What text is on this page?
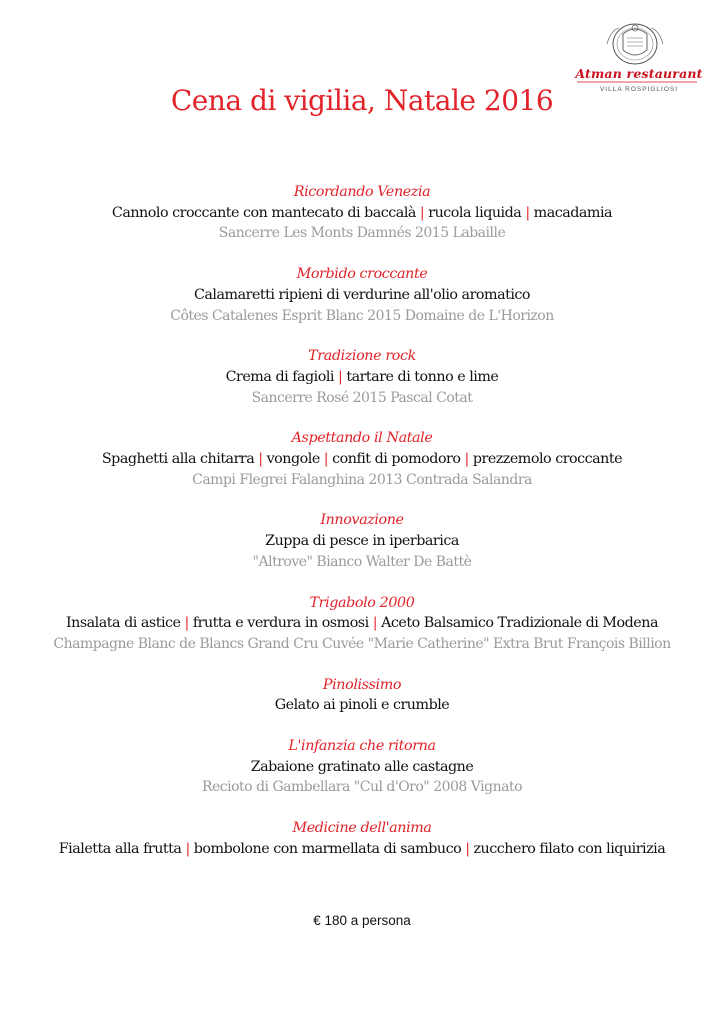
Atman restaurant
VILLA ROSPIGLIOSI
Cena di vigilia, Natale 2016
Ricordando Venezia
Cannolo croccante con mantecato di baccalà | rucola liquida | macadamia
Sancerre Les Monts Damnés 2015 Labaille
Morbido croccante
Calamaretti ripieni di verdurine all'olio aromatico
Côtes Catalenes Esprit Blanc 2015 Domaine de L'Horizon
Tradizione rock
Crema di fagioli | tartare di tonno e lime
Sancerre Rosé 2015 Pascal Cotat
Aspettando il Natale
Spaghetti alla chitarra | vongole | confit di pomodoro | prezzemolo croccante
Campi Flegrei Falanghina 2013 Contrada Salandra
Innovazione
Zuppa di pesce in iperbarica
"Altrove" Bianco Walter De Battè
Trigabolo 2000
Insalata di astice | frutta e verdura in osmosi | Aceto Balsamico Tradizionale di Modena
Champagne Blanc de Blancs Grand Cru Cuvée "Marie Catherine" Extra Brut François Billion
Pinolissimo
Gelato ai pinoli e crumble
L'infanzia che ritorna
Zabaione gratinato alle castagne
Recioto di Gambellara "Cul d'Oro" 2008 Vignato
Medicine dell'anima
Fialetta alla frutta | bombolone con marmellata di sambuco | zucchero filato con liquirizia
€ 180 a persona
